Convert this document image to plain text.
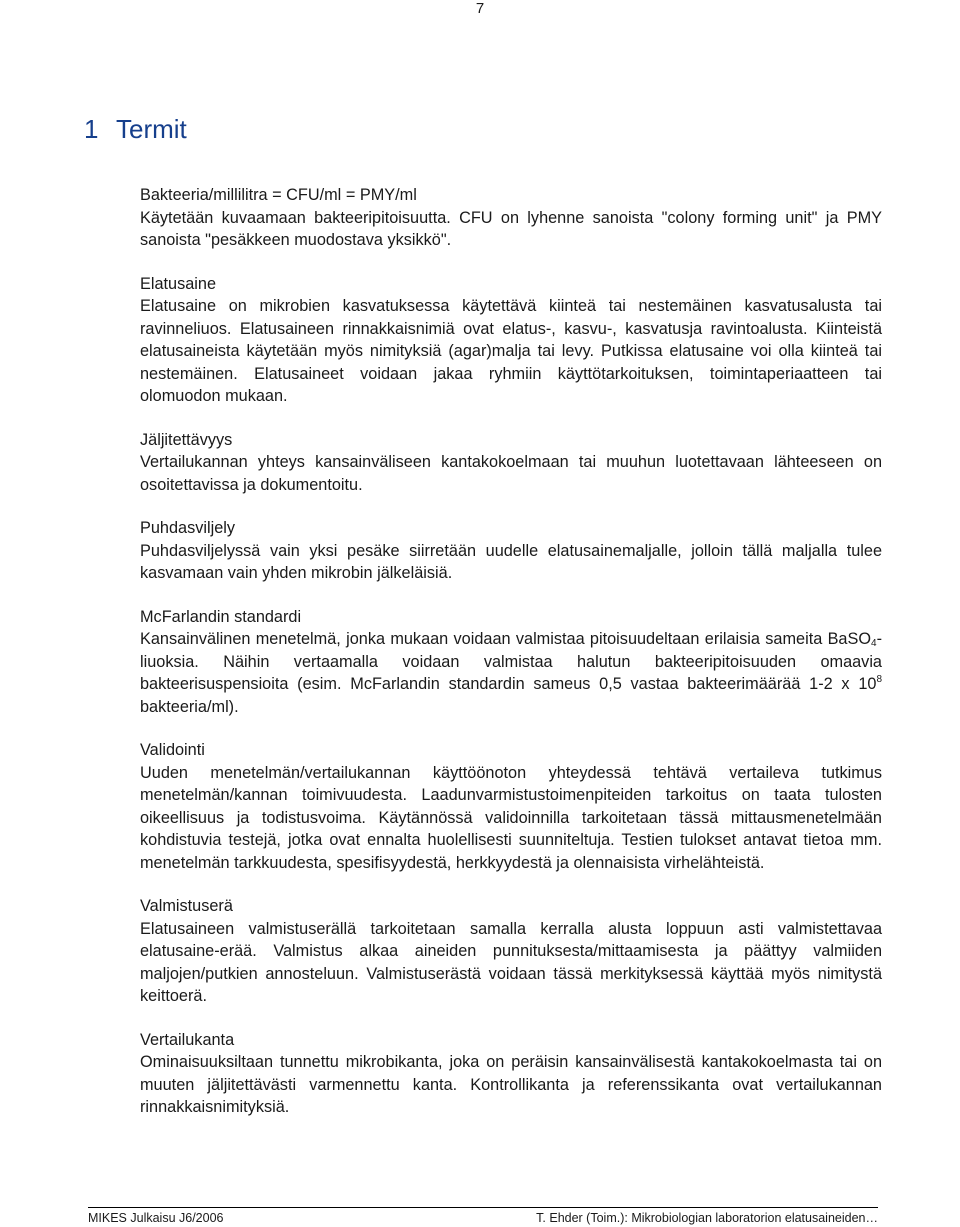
7
1 Termit

Bakteeria/millilitra = CFU/ml = PMY/ml

Käytetään kuvaamaan bakteeripitoisuutta. CFU on lyhenne sanoista "colony forming unit" ja PMY sanoista "pesäkkeen muodostava yksikkö".

Elatusaine

Elatusaine on mikrobien kasvatuksessa käytettävä kiinteä tai nestemäinen kasvatusalusta tai ravinneliuos. Elatusaineen rinnakkaisnimiä ovat elatus-, kasvu-, kasvatusja ravintoalusta. Kiinteistä elatusaineista käytetään myös nimityksiä (agar)malja tai levy. Putkissa elatusaine voi olla kiinteä tai nestemäinen. Elatusaineet voidaan jakaa ryhmiin käyttötarkoituksen, toimintaperiaatteen tai olomuodon mukaan.

Jäljitettävyys

Vertailukannan yhteys kansainväliseen kantakokoelmaan tai muuhun luotettavaan lähteeseen on osoitettavissa ja dokumentoitu.

Puhdasviljely

Puhdasviljelyssä vain yksi pesäke siirretään uudelle elatusainemaljalle, jolloin tällä maljalla tulee kasvamaan vain yhden mikrobin jälkeläisiä.

McFarlandin standardi

Kansainvälinen menetelmä, jonka mukaan voidaan valmistaa pitoisuudeltaan erilaisia sameita BaSO$_4$-liuoksia. Näihin vertaamalla voidaan valmistaa halutun bakteeripitoisuuden omaavia bakteerisuspensioita (esim. McFarlandin standardin sameus 0,5 vastaa bakteerimäärää 1-2 x $10^8$ bakteeria/ml).

Validointi

Uuden menetelmän/vertailukannan käyttöönoton yhteydessä tehtävä vertaileva tutkimus menetelmän/kannan toimivuudesta. Laadunvarmistustoimenpiteiden tarkoitus on taata tulosten oikeellisuus ja todistusvoima. Käytännössä validoinnilla tarkoitetaan tässä mittausmenetelmään kohdistuvia testejä, jotka ovat ennalta huolellisesti suunniteltuja. Testien tulokset antavat tietoa mm. menetelmän tarkkuudesta, spesifisyydestä, herkkyydestä ja olennaisista virhelähteistä.

Valmistuserä

Elatusaineen valmistuserällä tarkoitetaan samalla kerralla alusta loppuun asti valmistettavaa elatusaine-erää. Valmistus alkaa aineiden punnituksesta/mittaamisesta ja päättyy valmiiden maljojen/putkien annosteluun. Valmistuserästä voidaan tässä merkityksessä käyttää myös nimitystä keittoerä.

Vertailukanta

Ominaisuuksiltaan tunnettu mikrobikanta, joka on peräisin kansainvälisestä kantakokoelmasta tai on muuten jäljitettävästi varmennettu kanta. Kontrollikanta ja referenssikanta ovat vertailukannan rinnakkaisnimityksiä.

MIKES Julkaisu J6/2006	T. Ehder (Toim.): Mikrobiologian laboratorion elatusaineiden…
